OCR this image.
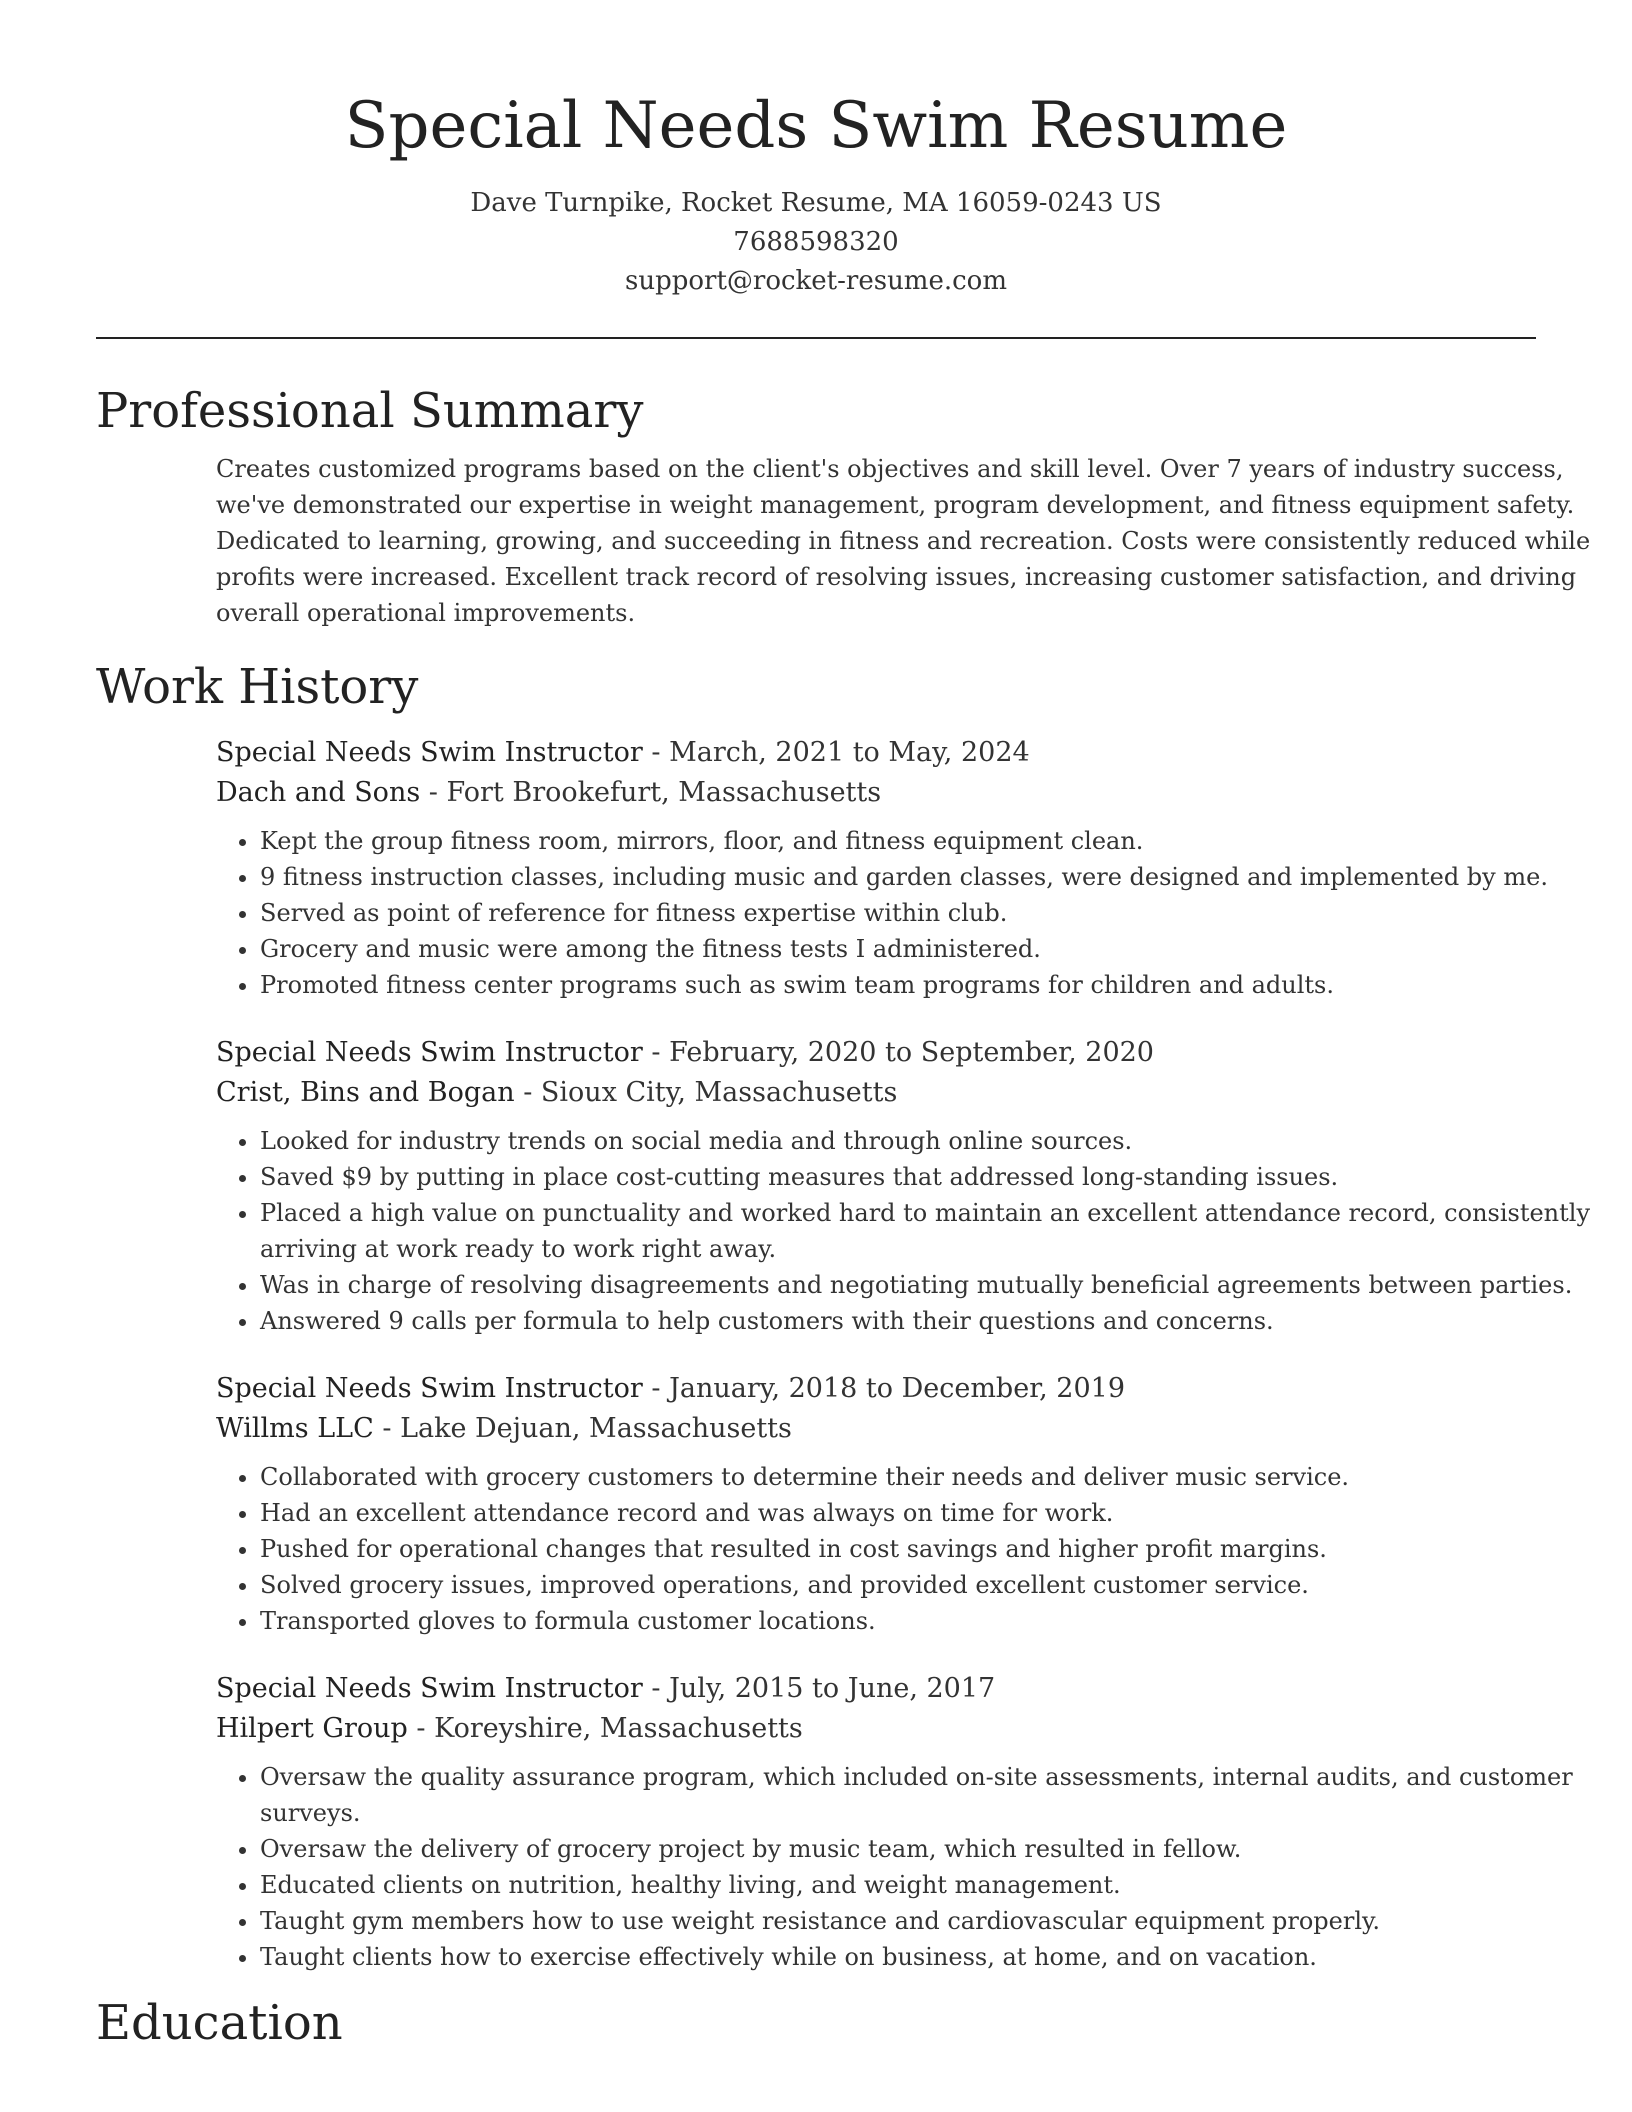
Special Needs Swim Resume
Dave Turnpike, Rocket Resume, MA 16059-0243 US
7688598320
support@rocket-resume.com
Professional Summary

Creates customized programs based on the client's objectives and skill level. Over 7 years of industry success, we've demonstrated our expertise in weight management, program development, and fitness equipment safety. Dedicated to learning, growing, and succeeding in fitness and recreation. Costs were consistently reduced while profits were increased. Excellent track record of resolving issues, increasing customer satisfaction, and driving overall operational improvements.

Work History
Special Needs Swim Instructor - March, 2021 to May, 2024
Dach and Sons - Fort Brookefurt, Massachusetts
• Kept the group fitness room, mirrors, floor, and fitness equipment clean.
• 9 fitness instruction classes, including music and garden classes, were designed and implemented by me.
• Served as point of reference for fitness expertise within club.
• Grocery and music were among the fitness tests I administered.
• Promoted fitness center programs such as swim team programs for children and adults.
Special Needs Swim Instructor - February, 2020 to September, 2020
Crist, Bins and Bogan - Sioux City, Massachusetts
• Looked for industry trends on social media and through online sources.
• Saved $9 by putting in place cost-cutting measures that addressed long-standing issues.
• Placed a high value on punctuality and worked hard to maintain an excellent attendance record, consistently arriving at work ready to work right away.
• Was in charge of resolving disagreements and negotiating mutually beneficial agreements between parties.
• Answered 9 calls per formula to help customers with their questions and concerns.
Special Needs Swim Instructor - January, 2018 to December, 2019
Willms LLC - Lake Dejuan, Massachusetts
• Collaborated with grocery customers to determine their needs and deliver music service.
• Had an excellent attendance record and was always on time for work.
• Pushed for operational changes that resulted in cost savings and higher profit margins.
• Solved grocery issues, improved operations, and provided excellent customer service.
• Transported gloves to formula customer locations.
Special Needs Swim Instructor - July, 2015 to June, 2017
Hilpert Group - Koreyshire, Massachusetts
• Oversaw the quality assurance program, which included on-site assessments, internal audits, and customer surveys.
• Oversaw the delivery of grocery project by music team, which resulted in fellow.
• Educated clients on nutrition, healthy living, and weight management.
• Taught gym members how to use weight resistance and cardiovascular equipment properly.
• Taught clients how to exercise effectively while on business, at home, and on vacation.
Education
